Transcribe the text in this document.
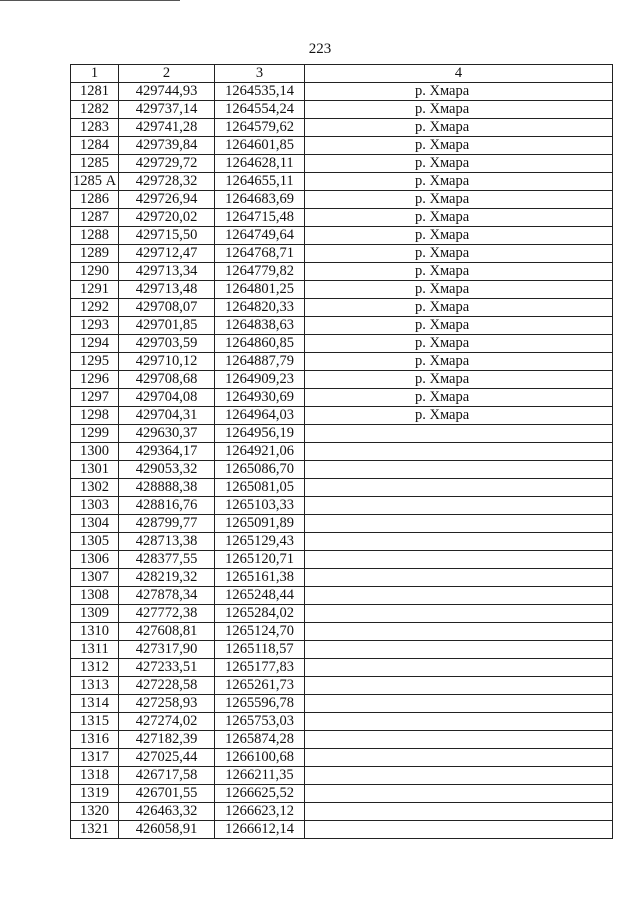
223
1	2	3	4
1281	429744,93	1264535,14	р. Хмара
1282	429737,14	1264554,24	р. Хмара
1283	429741,28	1264579,62	р. Хмара
1284	429739,84	1264601,85	р. Хмара
1285	429729,72	1264628,11	р. Хмара
1285 А	429728,32	1264655,11	р. Хмара
1286	429726,94	1264683,69	р. Хмара
1287	429720,02	1264715,48	р. Хмара
1288	429715,50	1264749,64	р. Хмара
1289	429712,47	1264768,71	р. Хмара
1290	429713,34	1264779,82	р. Хмара
1291	429713,48	1264801,25	р. Хмара
1292	429708,07	1264820,33	р. Хмара
1293	429701,85	1264838,63	р. Хмара
1294	429703,59	1264860,85	р. Хмара
1295	429710,12	1264887,79	р. Хмара
1296	429708,68	1264909,23	р. Хмара
1297	429704,08	1264930,69	р. Хмара
1298	429704,31	1264964,03	р. Хмара
1299	429630,37	1264956,19	
1300	429364,17	1264921,06	
1301	429053,32	1265086,70	
1302	428888,38	1265081,05	
1303	428816,76	1265103,33	
1304	428799,77	1265091,89	
1305	428713,38	1265129,43	
1306	428377,55	1265120,71	
1307	428219,32	1265161,38	
1308	427878,34	1265248,44	
1309	427772,38	1265284,02	
1310	427608,81	1265124,70	
1311	427317,90	1265118,57	
1312	427233,51	1265177,83	
1313	427228,58	1265261,73	
1314	427258,93	1265596,78	
1315	427274,02	1265753,03	
1316	427182,39	1265874,28	
1317	427025,44	1266100,68	
1318	426717,58	1266211,35	
1319	426701,55	1266625,52	
1320	426463,32	1266623,12	
1321	426058,91	1266612,14	
